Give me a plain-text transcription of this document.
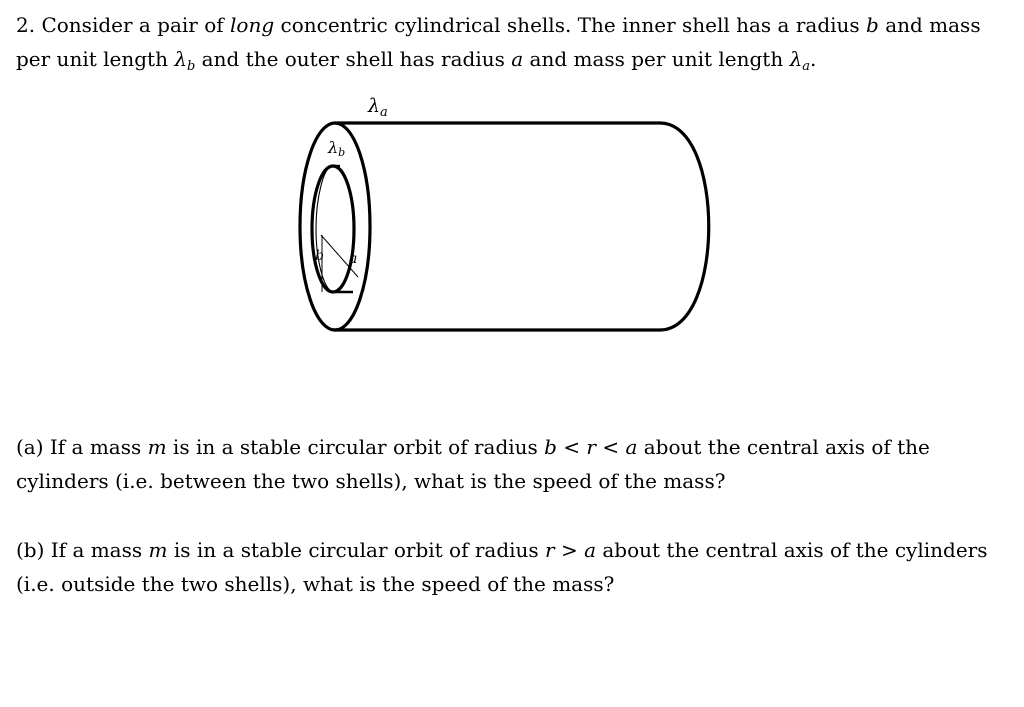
2. Consider a pair of long concentric cylindrical shells. The inner shell has a radius b and mass per unit length $\lambda_b$ and the outer shell has radius a and mass per unit length $\lambda_a$.

$\lambda_a$
λb
b a

(a) If a mass m is in a stable circular orbit of radius b < r < a about the central axis of the cylinders (i.e. between the two shells), what is the speed of the mass?

(b) If a mass m is in a stable circular orbit of radius r > a about the central axis of the cylinders (i.e. outside the two shells), what is the speed of the mass?
